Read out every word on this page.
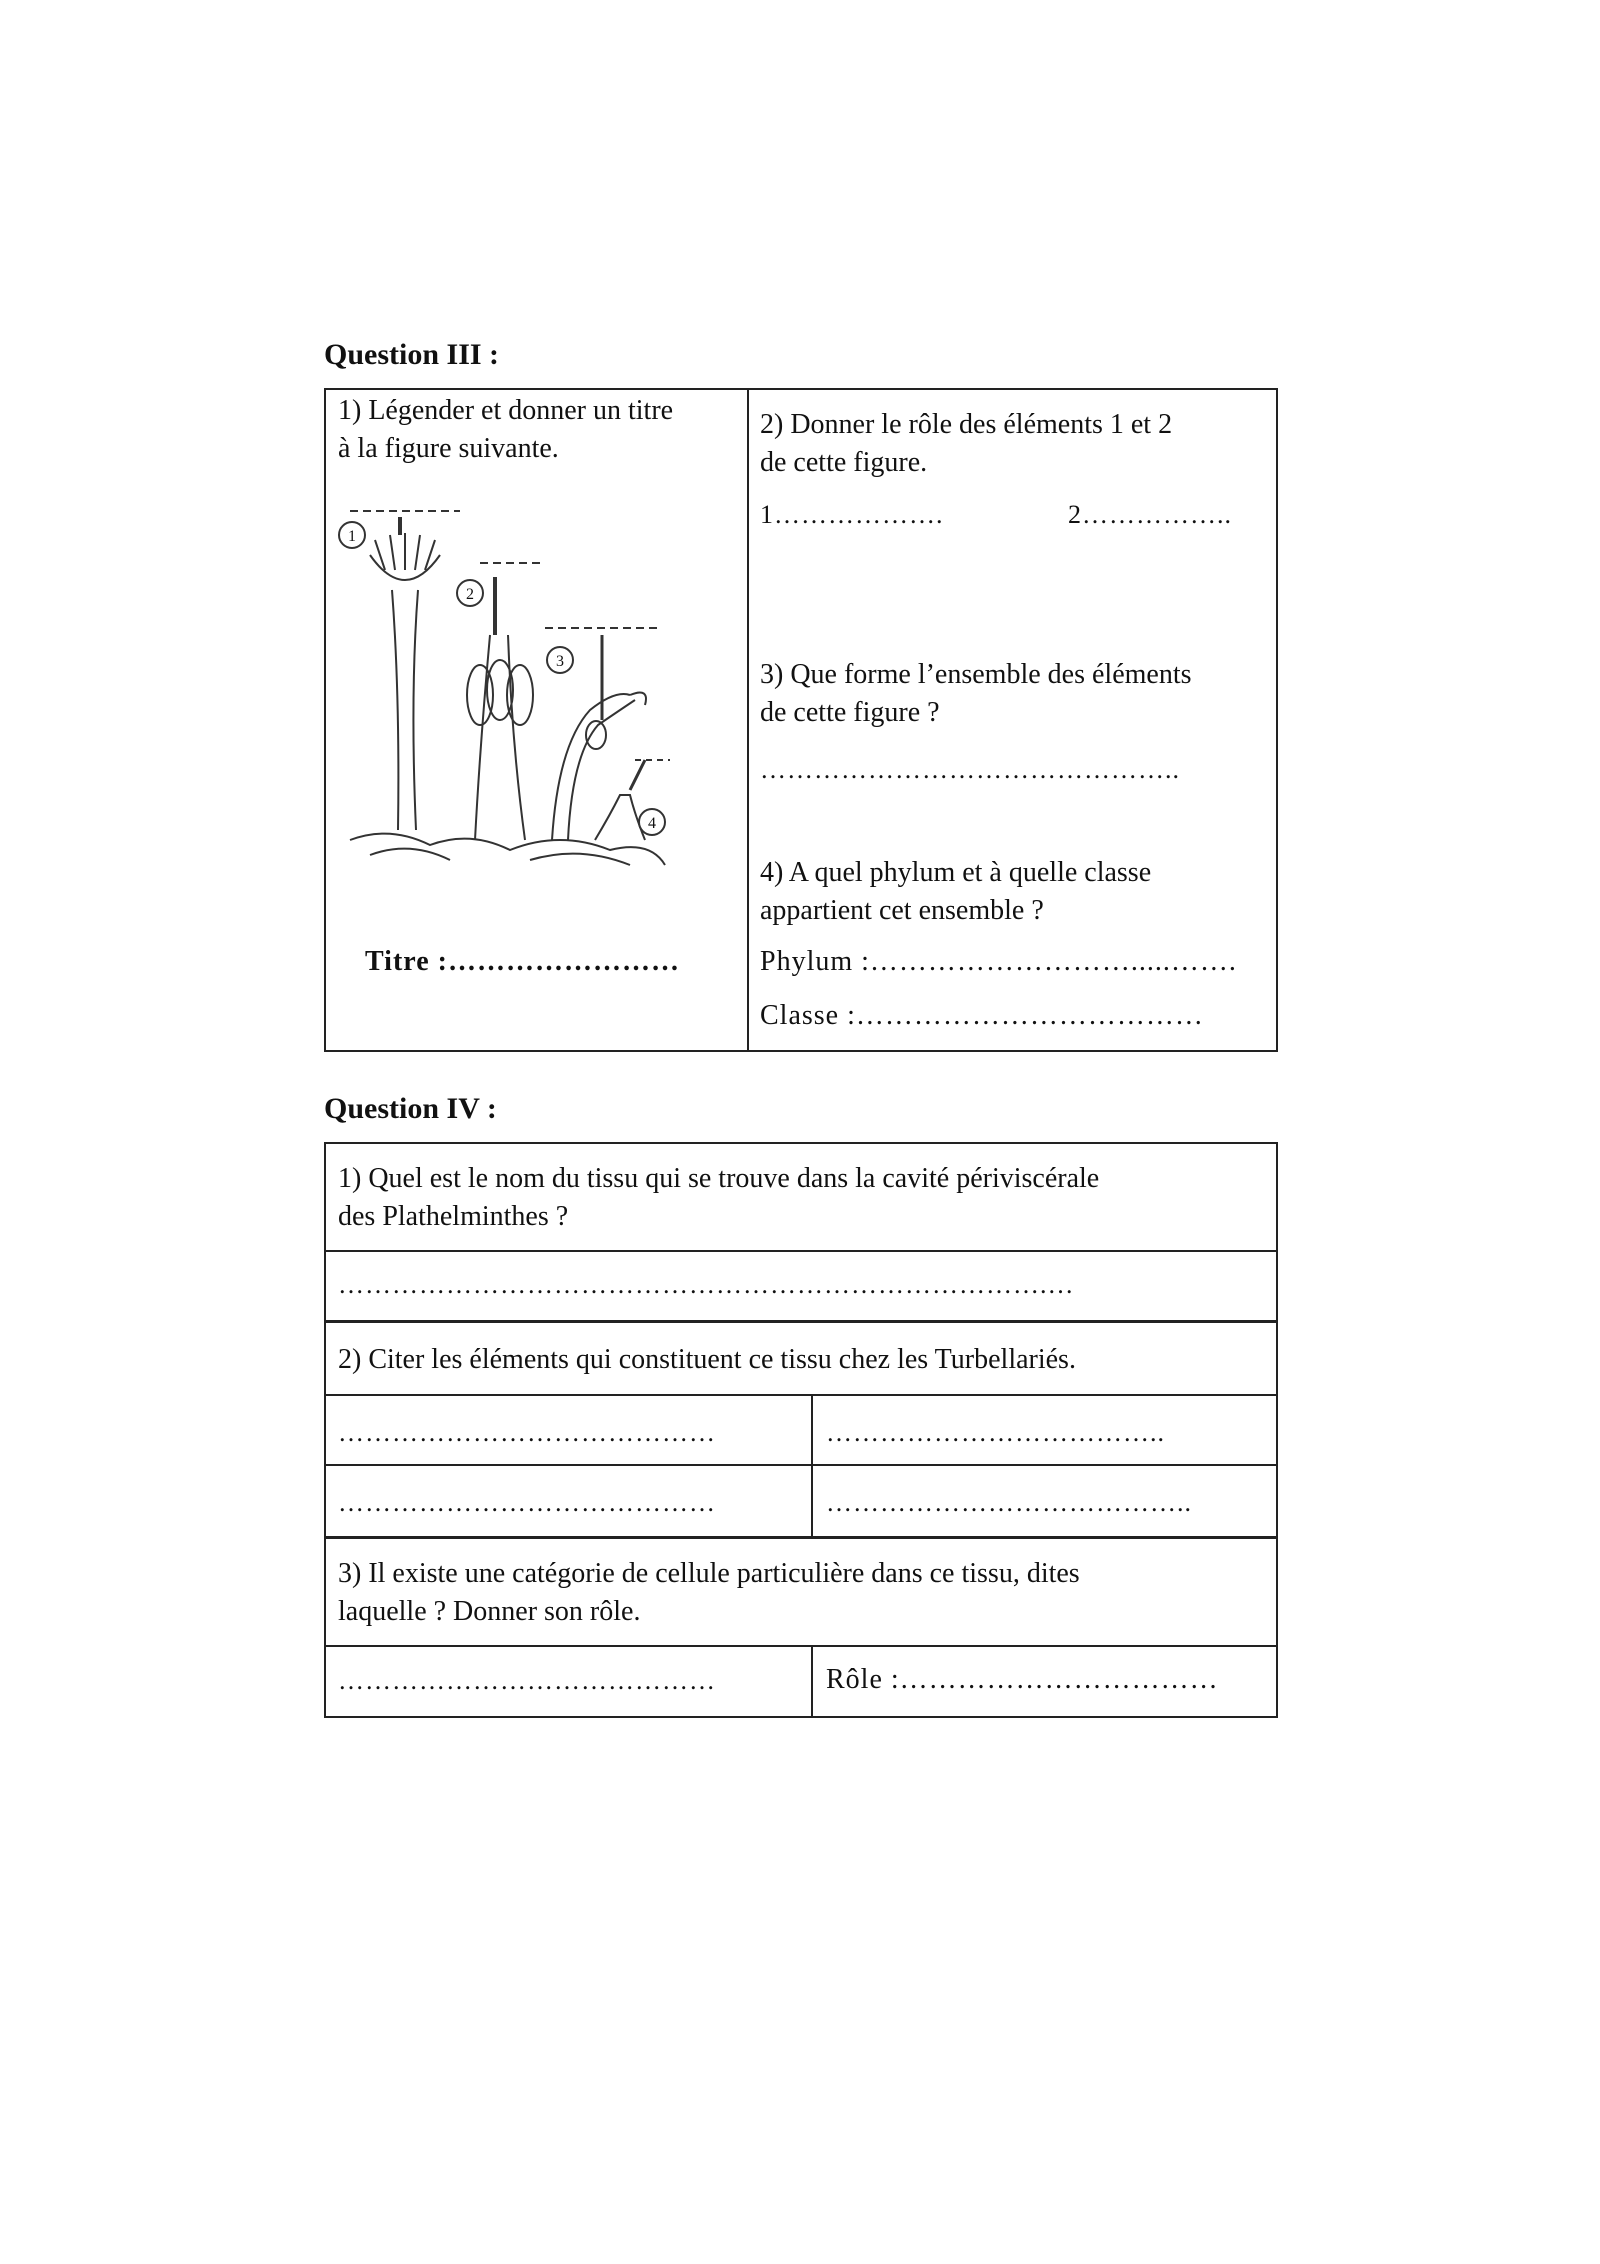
Question III :
1) Légender et donner un titre
à la figure suivante.
1
2
3
4
Titre :……………………
2) Donner le rôle des éléments 1 et 2
de cette figure.
1……………….	2……………..
3) Que forme l’ensemble des éléments
de cette figure ?
………………………………………..
4) A quel phylum et à quelle classe
appartient cet ensemble ?
Phylum :……………………….....…….
Classe :………………………………
Question IV :
1) Quel est le nom du tissu qui se trouve dans la cavité périviscérale
des Plathelminthes ?
…………………………………………………………………….…
2) Citer les éléments qui constituent ce tissu chez les Turbellariés.
……………………………………	………………………………..
……………………………………	…………………………………..
3) Il existe une catégorie de cellule particulière dans ce tissu, dites
laquelle ? Donner son rôle.
……………………………………	Rôle :……………………………
